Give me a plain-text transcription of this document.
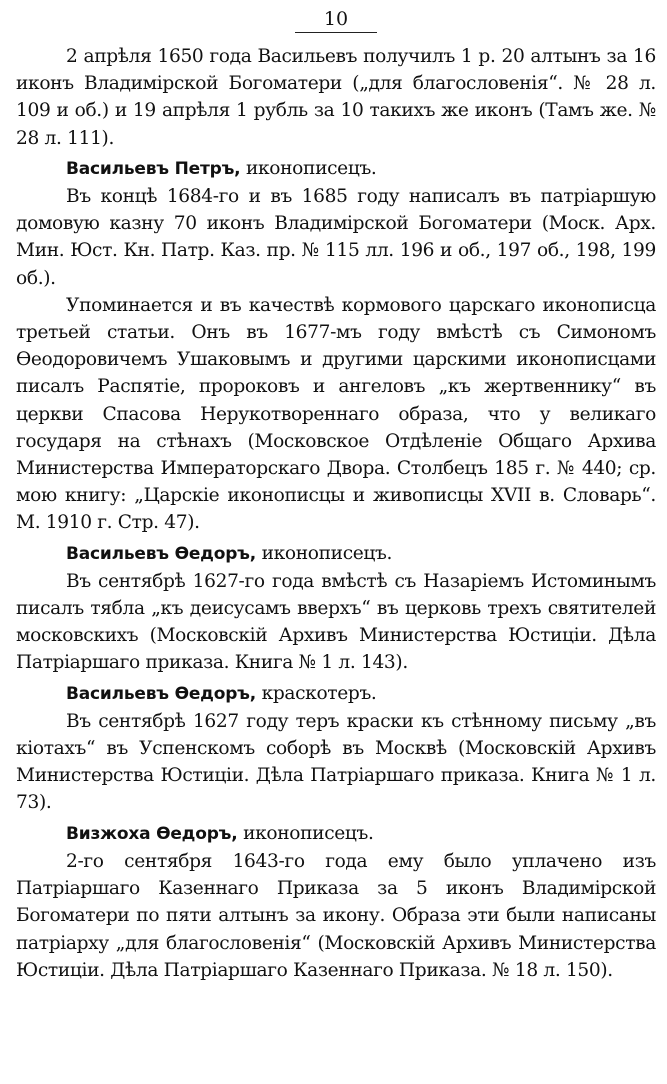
10

2 апрѣля 1650 года Васильевъ получилъ 1 р. 20 алтынъ за 16 иконъ Владимірской Богоматери („для благословенія“. № 28 л. 109 и об.) и 19 апрѣля 1 рубль за 10 такихъ же иконъ (Тамъ же. № 28 л. 111).

Васильевъ Петръ, иконописецъ.

Въ концѣ 1684-го и въ 1685 году написалъ въ патріаршую домовую казну 70 иконъ Владимірской Богоматери (Моск. Арх. Мин. Юст. Кн. Патр. Каз. пр. № 115 лл. 196 и об., 197 об., 198, 199 об.).

Упоминается и въ качествѣ кормового царскаго иконописца третьей статьи. Онъ въ 1677-мъ году вмѣстѣ съ Симономъ Ѳеодоровичемъ Ушаковымъ и другими царскими иконописцами писалъ Распятіе, пророковъ и ангеловъ „къ жертвеннику“ въ церкви Спасова Нерукотвореннаго образа, что у великаго государя на стѣнахъ (Московское Отдѣленіе Общаго Архива Министерства Императорскаго Двора. Столбецъ 185 г. № 440; ср. мою книгу: „Царскіе иконописцы и живописцы XVII в. Словарь“. М. 1910 г. Стр. 47).

Васильевъ Ѳедоръ, иконописецъ.

Въ сентябрѣ 1627-го года вмѣстѣ съ Назаріемъ Истоминымъ писалъ тябла „къ деисусамъ вверхъ“ въ церковь трехъ святителей московскихъ (Московскій Архивъ Министерства Юстиціи. Дѣла Патріаршаго приказа. Книга № 1 л. 143).

Васильевъ Ѳедоръ, краскотеръ.

Въ сентябрѣ 1627 году теръ краски къ стѣнному письму „въ кіотахъ“ въ Успенскомъ соборѣ въ Москвѣ (Московскій Архивъ Министерства Юстиціи. Дѣла Патріаршаго приказа. Книга № 1 л. 73).

Визжоха Ѳедоръ, иконописецъ.

2-го сентября 1643-го года ему было уплачено изъ Патріаршаго Казеннаго Приказа за 5 иконъ Владимірской Богоматери по пяти алтынъ за икону. Образа эти были написаны патріарху „для благословенія“ (Московскій Архивъ Министерства Юстиціи. Дѣла Патріаршаго Казеннаго Приказа. № 18 л. 150).
